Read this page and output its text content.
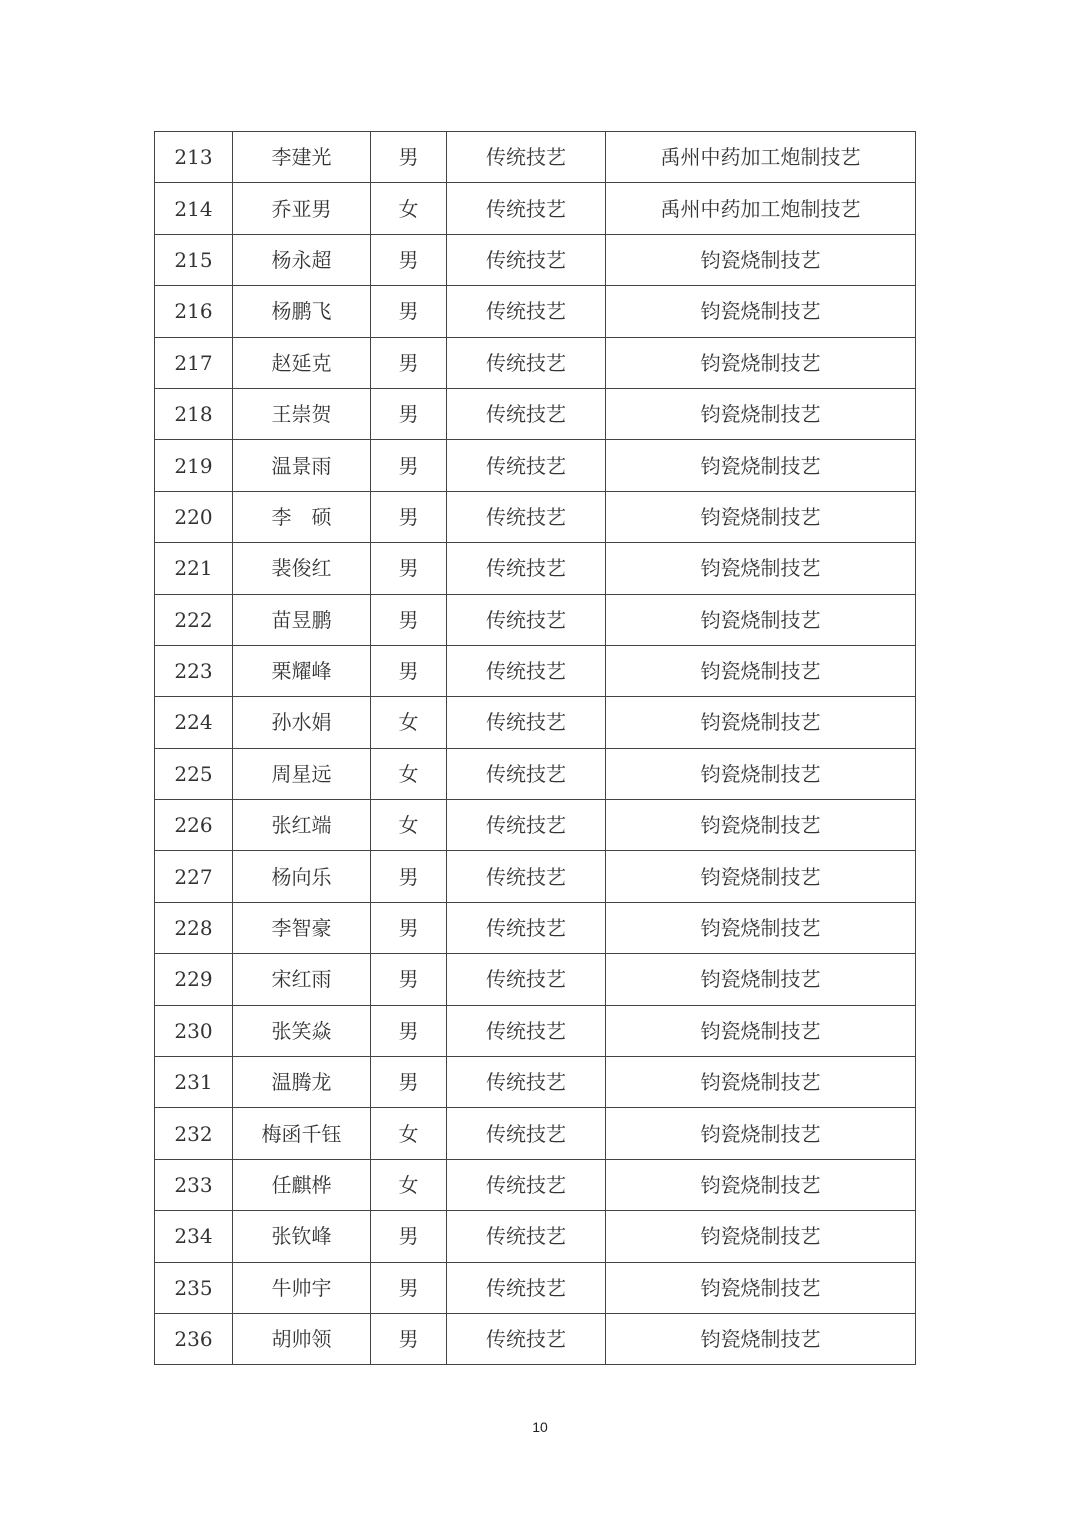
213	李建光	男	传统技艺	禹州中药加工炮制技艺
214	乔亚男	女	传统技艺	禹州中药加工炮制技艺
215	杨永超	男	传统技艺	钧瓷烧制技艺
216	杨鹏飞	男	传统技艺	钧瓷烧制技艺
217	赵延克	男	传统技艺	钧瓷烧制技艺
218	王崇贺	男	传统技艺	钧瓷烧制技艺
219	温景雨	男	传统技艺	钧瓷烧制技艺
220	李　硕	男	传统技艺	钧瓷烧制技艺
221	裴俊红	男	传统技艺	钧瓷烧制技艺
222	苗昱鹏	男	传统技艺	钧瓷烧制技艺
223	栗耀峰	男	传统技艺	钧瓷烧制技艺
224	孙水娟	女	传统技艺	钧瓷烧制技艺
225	周星远	女	传统技艺	钧瓷烧制技艺
226	张红端	女	传统技艺	钧瓷烧制技艺
227	杨向乐	男	传统技艺	钧瓷烧制技艺
228	李智豪	男	传统技艺	钧瓷烧制技艺
229	宋红雨	男	传统技艺	钧瓷烧制技艺
230	张笑焱	男	传统技艺	钧瓷烧制技艺
231	温腾龙	男	传统技艺	钧瓷烧制技艺
232	梅函千钰	女	传统技艺	钧瓷烧制技艺
233	任麒桦	女	传统技艺	钧瓷烧制技艺
234	张钦峰	男	传统技艺	钧瓷烧制技艺
235	牛帅宇	男	传统技艺	钧瓷烧制技艺
236	胡帅领	男	传统技艺	钧瓷烧制技艺
10
